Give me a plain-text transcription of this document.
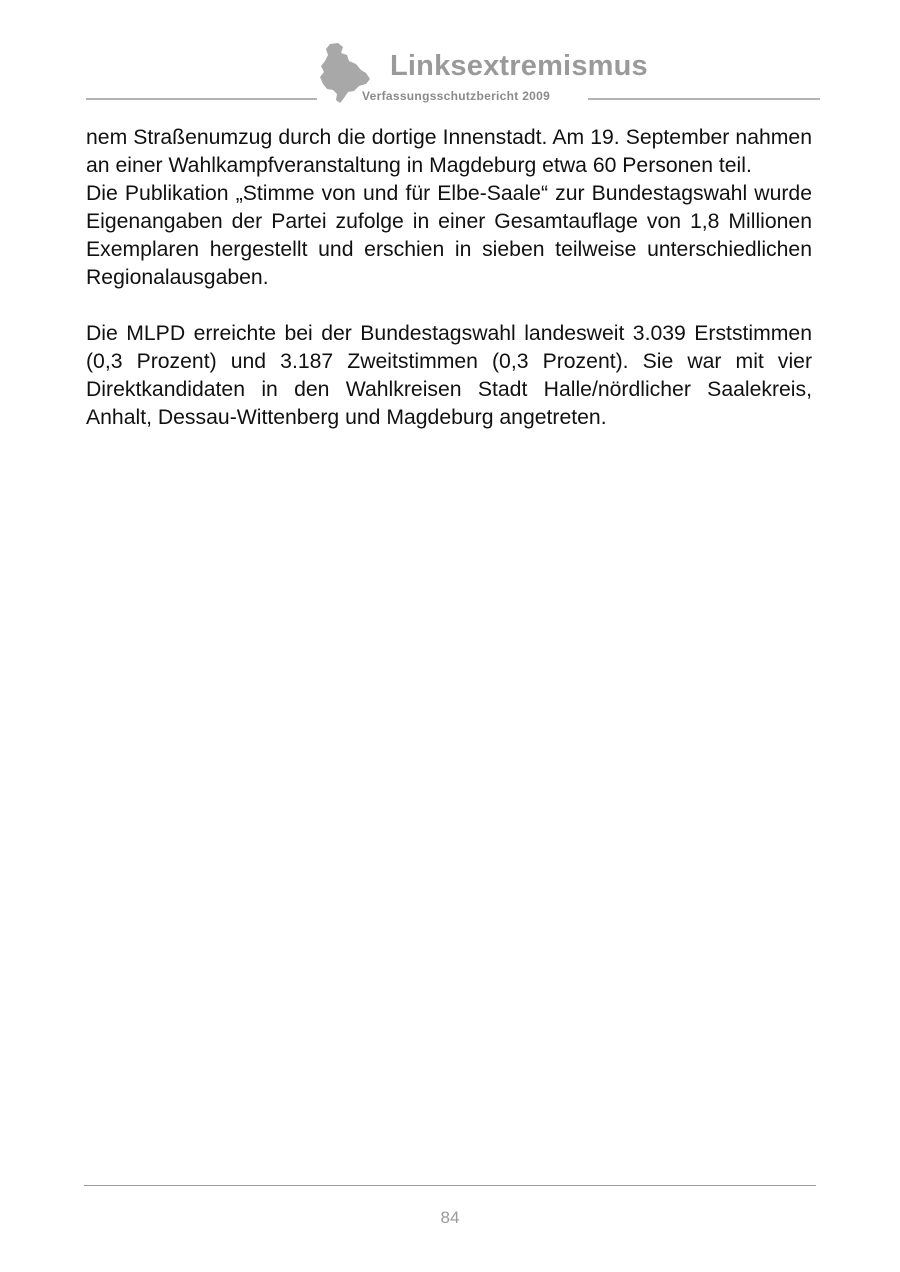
Linksextremismus
Verfassungsschutzbericht 2009

nem Straßenumzug durch die dortige Innenstadt. Am 19. September nahmen an einer Wahlkampfveranstaltung in Magdeburg etwa 60 Personen teil.

Die Publikation „Stimme von und für Elbe-Saale“ zur Bundestagswahl wurde Eigenangaben der Partei zufolge in einer Gesamtauflage von 1,8 Millionen Exemplaren hergestellt und erschien in sieben teilweise unterschiedlichen Regionalausgaben.

Die MLPD erreichte bei der Bundestagswahl landesweit 3.039 Erststimmen (0,3 Prozent) und 3.187 Zweitstimmen (0,3 Prozent). Sie war mit vier Direktkandidaten in den Wahlkreisen Stadt Halle/nördlicher Saalekreis, Anhalt, Dessau-Wittenberg und Magdeburg angetreten.

84
